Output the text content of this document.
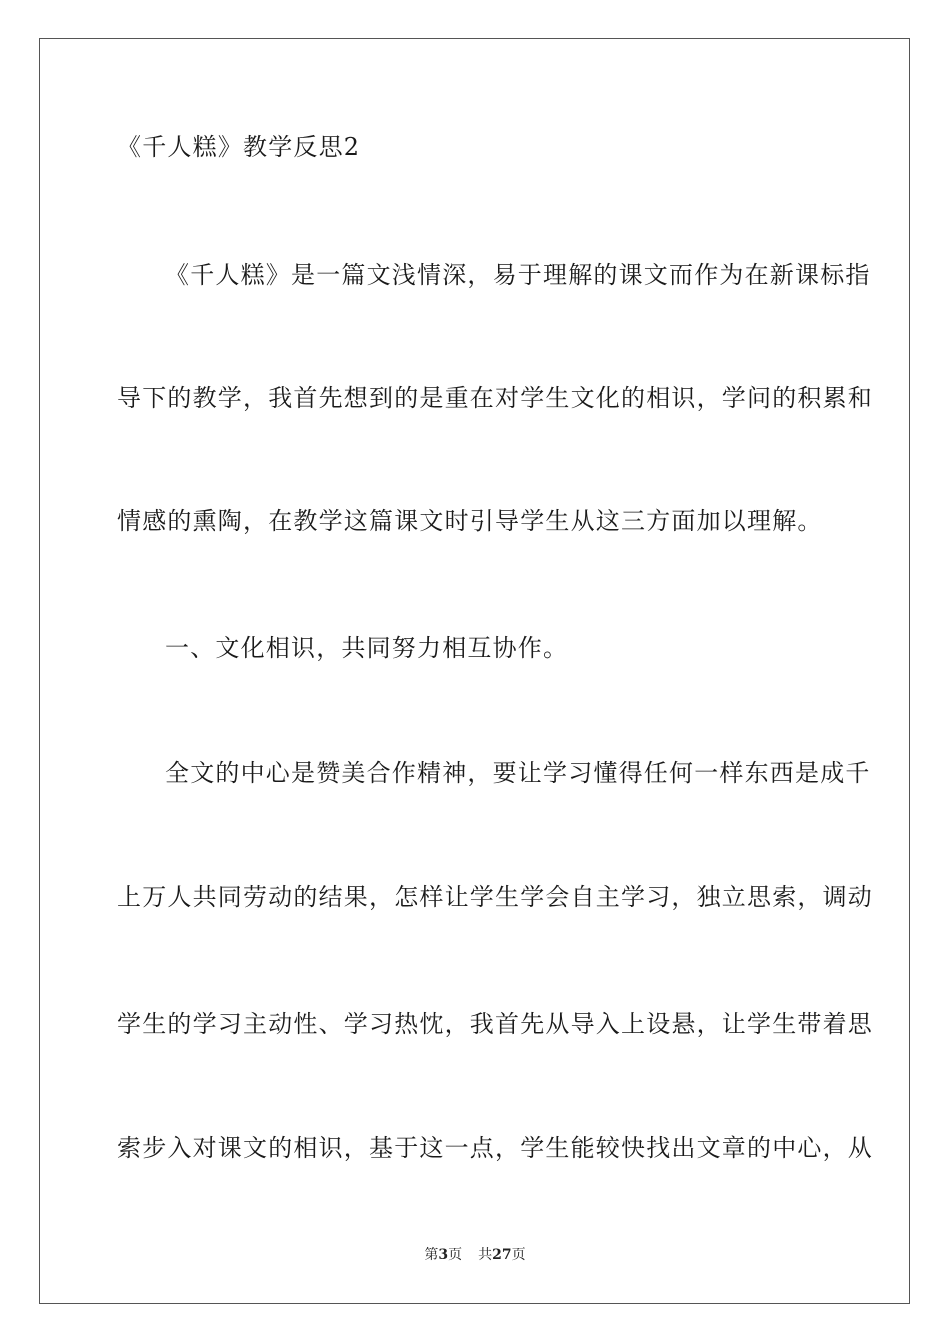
《千人糕》教学反思2
《千人糕》是一篇文浅情深，易于理解的课文而作为在新课标指
导下的教学，我首先想到的是重在对学生文化的相识，学问的积累和
情感的熏陶，在教学这篇课文时引导学生从这三方面加以理解。
一、文化相识，共同努力相互协作。
全文的中心是赞美合作精神，要让学习懂得任何一样东西是成千
上万人共同劳动的结果，怎样让学生学会自主学习，独立思索，调动
学生的学习主动性、学习热忱，我首先从导入上设悬，让学生带着思
索步入对课文的相识，基于这一点，学生能较快找出文章的中心，从
第3页 共27页
